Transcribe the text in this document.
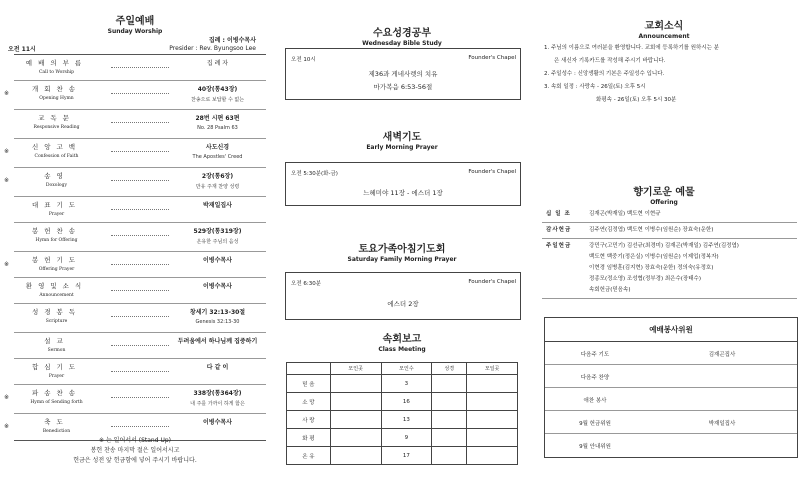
주일예배
Sunday Worship
집례 : 이병수목사
Presider : Rev. Byungsoo Lee
오전 11시
예배의부름
Call to Worship
집 례 자
※
개회찬송
Opening Hymn
40장(통43장)
찬송으로 보답할 수 없는
교독문
Responsive Reading
28번 시편 63편
No. 28 Psalm 63
※
신앙고백
Confession of Faith
사도신경
The Apostles' Creed
※
송영
Doxology
2장(통6장)
만유 주재 찬양 성령
대표기도
Prayer
박재일집사
봉헌찬송
Hymn for Offering
529장(통319장)
온유한 주님의 음성
※
봉헌기도
Offering Prayer
이병수목사
환영및소식
Announcement
이병수목사
성경봉독
Scripture
창세기 32:13-30절
Genesis 32:13-30
설교
Sermon
두려움에서 하나님께 집중하기
합심기도
Prayer
다 같 이
※
파송찬송
Hymn of Sending forth
338장(통364장)
내 주를 가까이 하게 함은
※
축도
Benediction
이병수목사
※ 는 일어서서 (Stand Up)
봉헌 찬송 마지막 절은 일어서시고
헌금은 성전 앞 헌금함에 넣어 주시기 바랍니다.
수요성경공부
Wednesday Bible Study
오전 10시	Founder's Chapel
제36과 게네사렛의 치유
마가복음 6:53-56절
새벽기도
Early Morning Prayer
오전 5:30분(화-금)	Founder's Chapel
느헤미야 11장 - 에스더 1장
토요가족아침기도회
Saturday Family Morning Prayer
오전 6:30분	Founder's Chapel
에스더 2장
속회보고
Class Meeting
	모인곳	모인수	성경	모일곳
믿 음		3		
소 망		16		
사 랑		13		
화 평		9		
온 유		17		
교회소식
Announcement
1. 주님의 이름으로 여러분을 환영합니다. 교회에 등록하기를 원하시는 분
은 새신자 기록카드를 작성해 주시기 바랍니다.
2. 주일성수 : 신앙생활의 기본은 주일성수 입니다.
3. 속회 일정 : 사랑속 - 26일(토) 오후 5시
화평속 - 26일(토) 오후 5시 30분
향기로운 예물
Offering
십 일 조	김재곤(박재일) 백도현 이현규
감사헌금	김주연(김정엽) 백도현 이병수(임원순) 장효숙(운한)
주일헌금	강민구(고민기) 김선규(최경미) 김재곤(박재일) 김주연(김정엽)
백도현 백중기(정은실) 이병수(임원순) 이제업(정복자)
이현경 임병훈(김지현) 장효숙(운한) 정의숙(유정호)
정종모(정소영) 조성협(정부경) 최은수(장태수)
속회헌금(믿음속)
예배봉사위원
다음주 기도	김재곤집사
다음주 찬양
애찬 봉사
9월 헌금위원	박재일집사
9월 안내위원
